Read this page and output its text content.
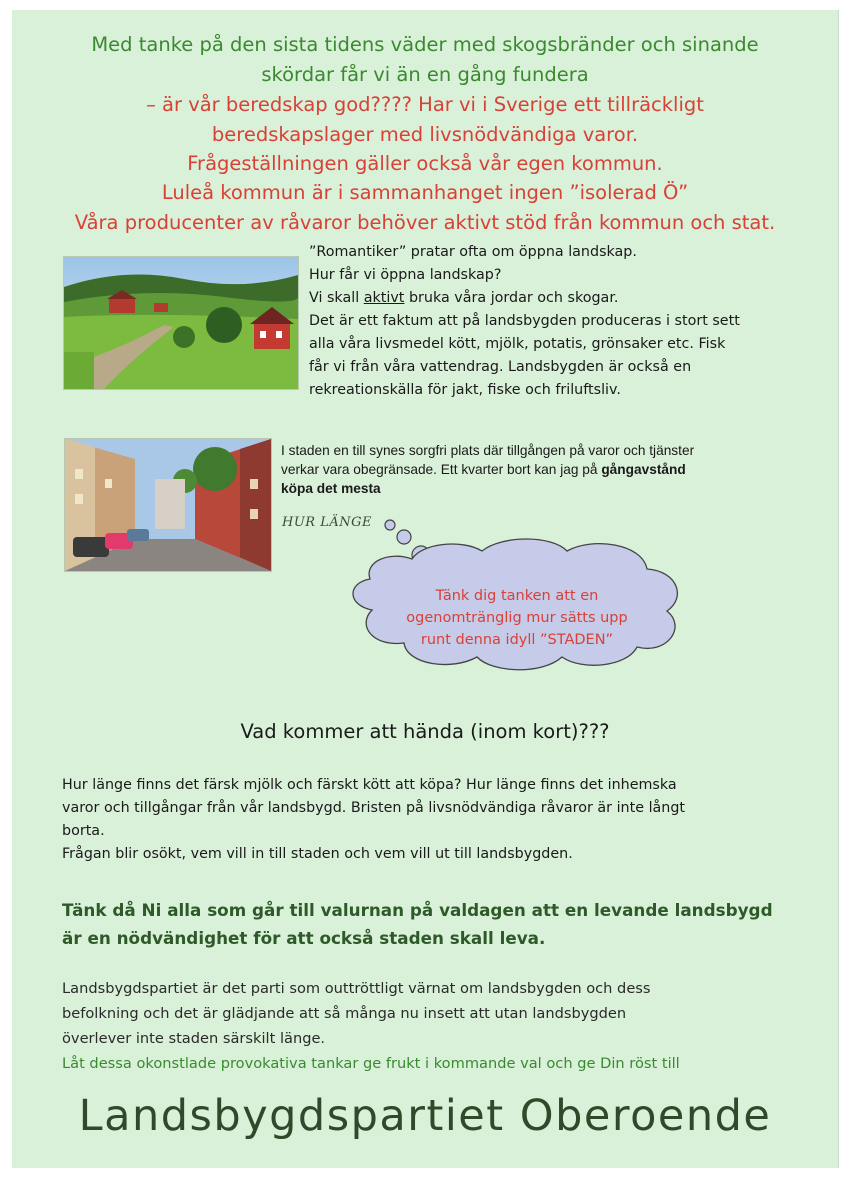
Med tanke på den sista tidens väder med skogsbränder och sinande
skördar får vi än en gång fundera
– är vår beredskap god???? Har vi i Sverige ett tillräckligt
beredskapslager med livsnödvändiga varor.
Frågeställningen gäller också vår egen kommun.
Luleå kommun är i sammanhanget ingen ”isolerad Ö”
Våra producenter av råvaror behöver aktivt stöd från kommun och stat.
”Romantiker” pratar ofta om öppna landskap.
Hur får vi öppna landskap?
Vi skall aktivt bruka våra jordar och skogar.
Det är ett faktum att på landsbygden produceras i stort sett
alla våra livsmedel kött, mjölk, potatis, grönsaker etc. Fisk
får vi från våra vattendrag. Landsbygden är också en
rekreationskälla för jakt, fiske och friluftsliv.
I staden en till synes sorgfri plats där tillgången på varor och tjänster
verkar vara obegränsade. Ett kvarter bort kan jag på gångavstånd
köpa det mesta
HUR LÄNGE
Tänk dig tanken att en
ogenomtränglig mur sätts upp
runt denna idyll ”STADEN”
Vad kommer att hända (inom kort)???
Hur länge finns det färsk mjölk och färskt kött att köpa? Hur länge finns det inhemska
varor och tillgångar från vår landsbygd. Bristen på livsnödvändiga råvaror är inte långt
borta.
Frågan blir osökt, vem vill in till staden och vem vill ut till landsbygden.
Tänk då Ni alla som går till valurnan på valdagen att en levande landsbygd
är en nödvändighet för att också staden skall leva.
Landsbygdspartiet är det parti som outtröttligt värnat om landsbygden och dess
befolkning och det är glädjande att så många nu insett att utan landsbygden
överlever inte staden särskilt länge.
Låt dessa okonstlade provokativa tankar ge frukt i kommande val och ge Din röst till
Landsbygdspartiet Oberoende
